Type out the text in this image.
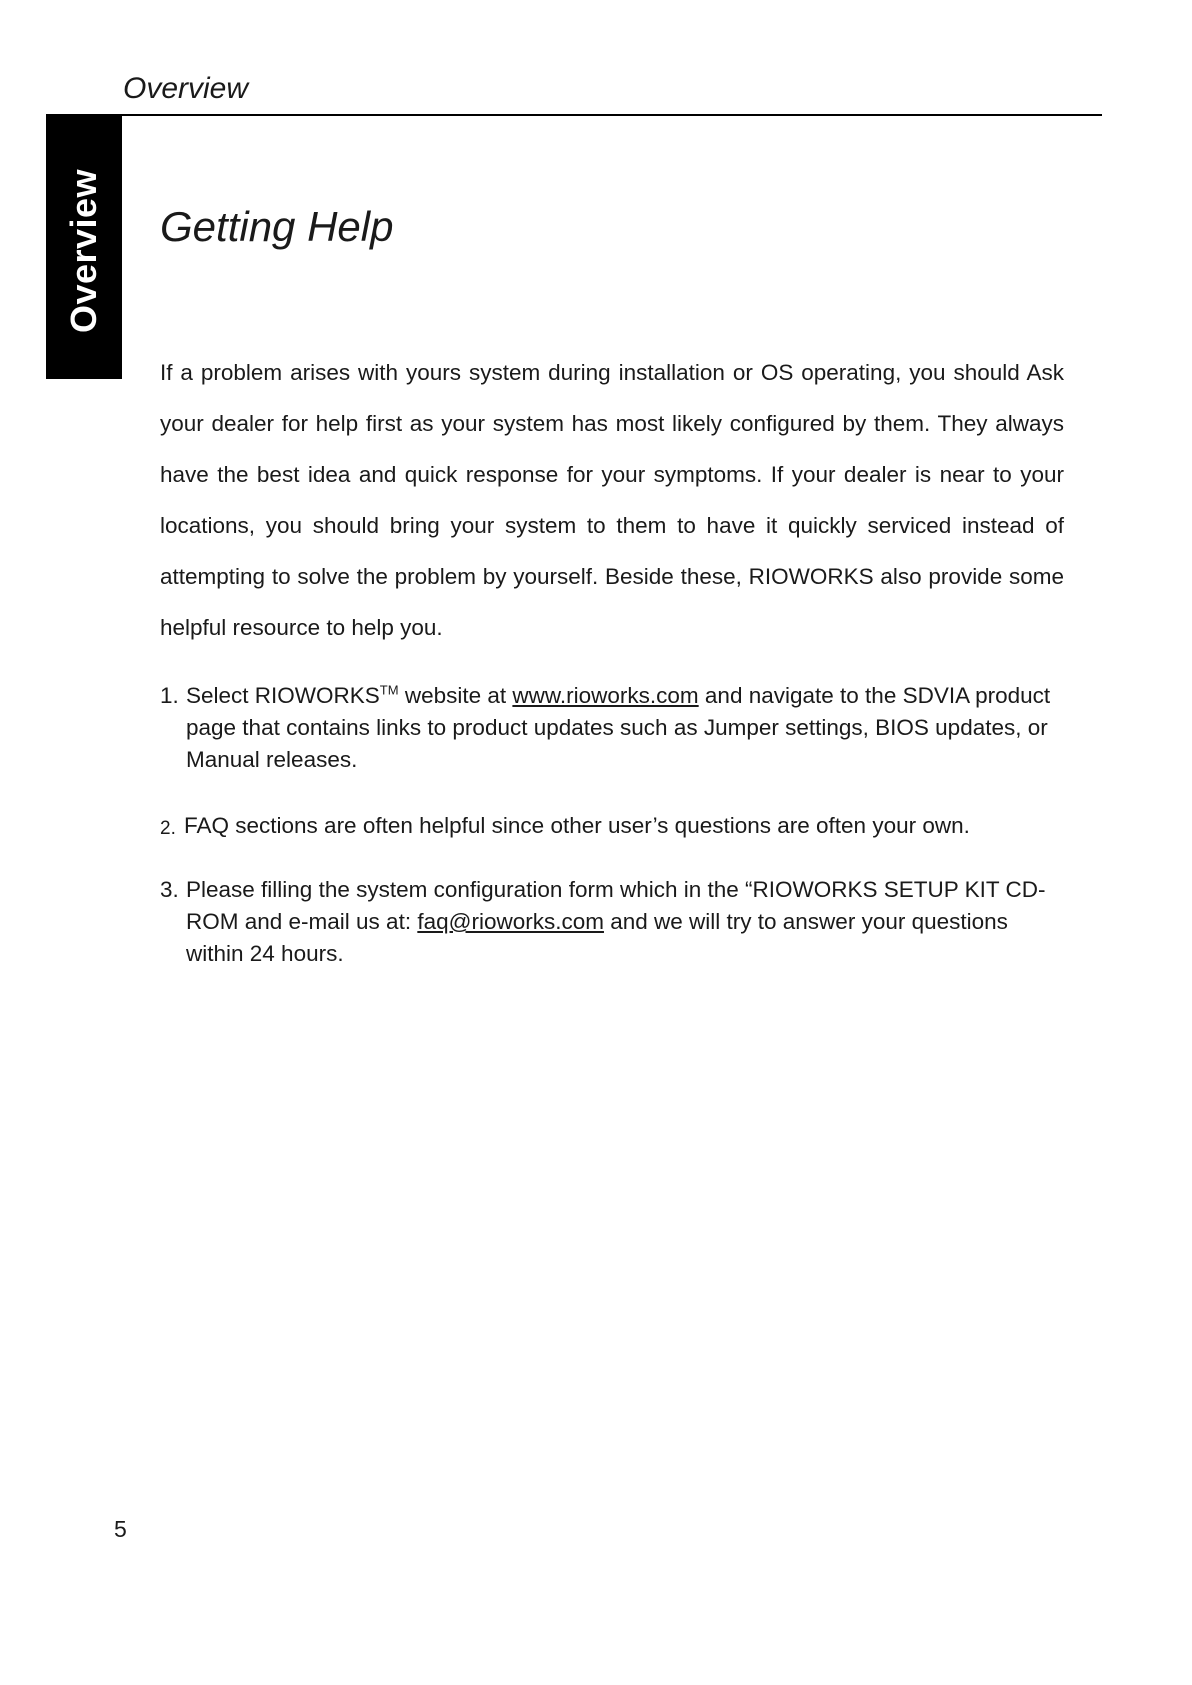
Overview
Overview Getting Help

If a problem arises with yours system during installation or OS operating, you should Ask your dealer for help first as your system has most likely configured by them. They always have the best idea and quick response for your symptoms. If your dealer is near to your locations, you should bring your system to them to have it quickly serviced instead of attempting to solve the problem by yourself. Beside these, RIOWORKS also provide some helpful resource to help you.

1. Select RIOWORKS™ website at www.rioworks.com and navigate to the SDVIA product page that contains links to product updates such as Jumper settings, BIOS updates, or Manual releases.
2. FAQ sections are often helpful since other user’s questions are often your own.
3. Please filling the system configuration form which in the “RIOWORKS SETUP KIT CD-ROM and e-mail us at: faq@rioworks.com and we will try to answer your questions within 24 hours.

5
